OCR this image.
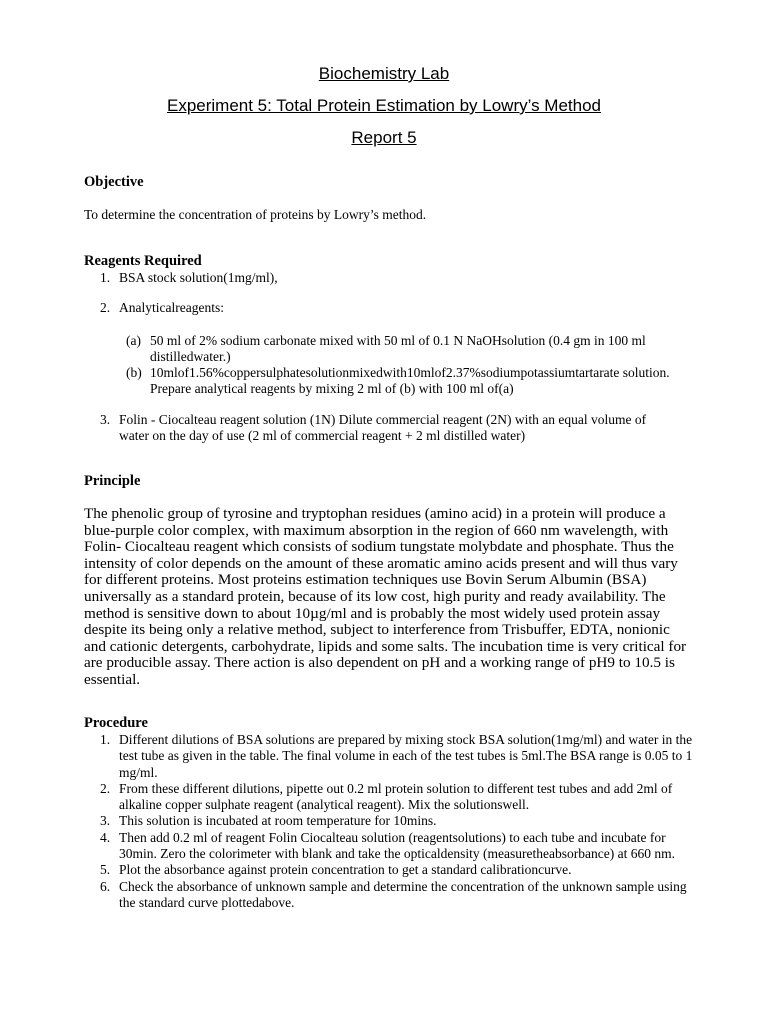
Biochemistry Lab
Experiment 5: Total Protein Estimation by Lowry’s Method
Report 5
Objective
To determine the concentration of proteins by Lowry’s method.
Reagents Required
1. BSA stock solution(1mg/ml),
2. Analyticalreagents:
(a) 50 ml of 2% sodium carbonate mixed with 50 ml of 0.1 N NaOHsolution (0.4 gm in 100 ml distilledwater.)
(b) 10mlof1.56%coppersulphatesolutionmixedwith10mlof2.37%sodiumpotassiumtartarate solution. Prepare analytical reagents by mixing 2 ml of (b) with 100 ml of(a)
3. Folin - Ciocalteau reagent solution (1N) Dilute commercial reagent (2N) with an equal volume of water on the day of use (2 ml of commercial reagent + 2 ml distilled water)
Principle
The phenolic group of tyrosine and tryptophan residues (amino acid) in a protein will produce a blue-purple color complex, with maximum absorption in the region of 660 nm wavelength, with Folin- Ciocalteau reagent which consists of sodium tungstate molybdate and phosphate. Thus the intensity of color depends on the amount of these aromatic amino acids present and will thus vary for different proteins. Most proteins estimation techniques use Bovin Serum Albumin (BSA) universally as a standard protein, because of its low cost, high purity and ready availability. The method is sensitive down to about 10µg/ml and is probably the most widely used protein assay despite its being only a relative method, subject to interference from Trisbuffer, EDTA, nonionic and cationic detergents, carbohydrate, lipids and some salts. The incubation time is very critical for are producible assay. There action is also dependent on pH and a working range of pH9 to 10.5 is essential.
Procedure
1. Different dilutions of BSA solutions are prepared by mixing stock BSA solution(1mg/ml) and water in the test tube as given in the table. The final volume in each of the test tubes is 5ml.The BSA range is 0.05 to 1 mg/ml.
2. From these different dilutions, pipette out 0.2 ml protein solution to different test tubes and add 2ml of alkaline copper sulphate reagent (analytical reagent). Mix the solutionswell.
3. This solution is incubated at room temperature for 10mins.
4. Then add 0.2 ml of reagent Folin Ciocalteau solution (reagentsolutions) to each tube and incubate for 30min. Zero the colorimeter with blank and take the opticaldensity (measuretheabsorbance) at 660 nm.
5. Plot the absorbance against protein concentration to get a standard calibrationcurve.
6. Check the absorbance of unknown sample and determine the concentration of the unknown sample using the standard curve plottedabove.
